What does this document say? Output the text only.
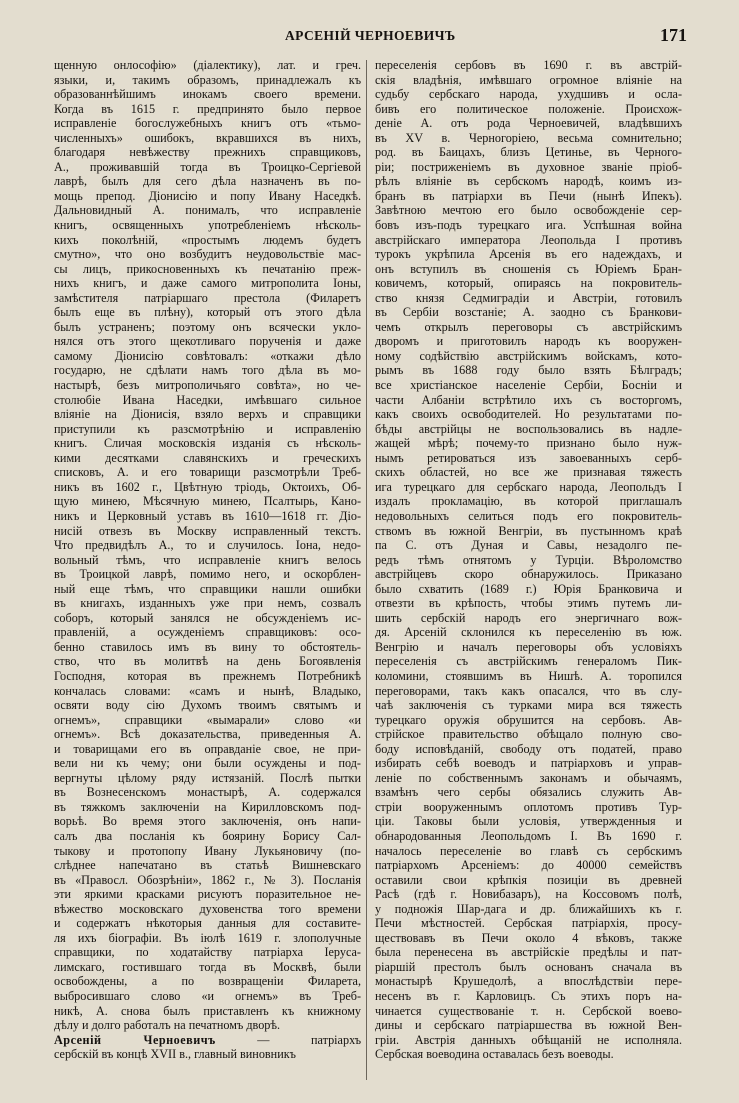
АРСЕНІЙ ЧЕРНОЕВИЧЪ	171
щенную онлософію» (діалектику), лат. и греч.
языки, и, такимъ образомъ, принадлежалъ къ
образованнѣйшимъ инокамъ своего времени.
Когда въ 1615 г. предпринято было первое
исправленіе богослужебныхъ книгъ отъ «тьмо-
численныхъ» ошибокъ, вкравшихся въ нихъ,
благодаря невѣжеству прежнихъ справщиковъ,
А., проживавшій тогда въ Троицко-Сергіевой
лаврѣ, былъ для сего дѣла назначенъ въ по-
мощь препод. Діонисію и попу Ивану Наседкѣ.
Дальновидный А. понималъ, что исправленіе
книгъ, освященныхъ употребленіемъ нѣсколь-
кихъ поколѣній, «простымъ людемъ будетъ
смутно», что оно возбудитъ неудовольствіе мас-
сы лицъ, прикосновенныхъ къ печатанію преж-
нихъ книгъ, и даже самого митрополита Іоны,
замѣстителя патріаршаго престола (Филаретъ
былъ еще въ плѣну), который отъ этого дѣла
былъ устраненъ; поэтому онъ всячески укло-
нялся отъ этого щекотливаго порученія и даже
самому Діонисію совѣтовалъ: «откажи дѣло
государю, не сдѣлати намъ того дѣла въ мо-
настырѣ, безъ митрополичьяго совѣта», но че-
столюбіе Ивана Наседки, имѣвшаго сильное
вліяніе на Діонисія, взяло верхъ и справщики
приступили къ разсмотрѣнію и исправленію
книгъ. Сличая московскія изданія съ нѣсколь-
кими десятками славянскихъ и греческихъ
списковъ, А. и его товарищи разсмотрѣли Треб-
никъ въ 1602 г., Цвѣтную тріодь, Октоихъ, Об-
щую минею, Мѣсячную минею, Псалтырь, Кано-
никъ и Церковный уставъ въ 1610—1618 гг. Діо-
нисій отвезъ въ Москву исправленный текстъ.
Что предвидѣлъ А., то и случилось. Іона, недо-
вольный тѣмъ, что исправленіе книгъ велось
въ Троицкой лаврѣ, помимо него, и оскорблен-
ный еще тѣмъ, что справщики нашли ошибки
въ книгахъ, изданныхъ уже при немъ, созвалъ
соборъ, который занялся не обсужденіемъ ис-
правленій, а осужденіемъ справщиковъ: осо-
бенно ставилось имъ въ вину то обстоятель-
ство, что въ молитвѣ на день Богоявленія
Господня, которая въ прежнемъ Потребникѣ
кончалась словами: «самъ и нынѣ, Владыко,
освяти воду сію Духомъ твоимъ святымъ и
огнемъ», справщики «вымарали» слово «и
огнемъ». Всѣ доказательства, приведенныя А.
и товарищами его въ оправданіе свое, не при-
вели ни къ чему; они были осуждены и под-
вергнуты цѣлому ряду истязаній. Послѣ пытки
въ Вознесенскомъ монастырѣ, А. содержался
въ тяжкомъ заключеніи на Кирилловскомъ под-
ворьѣ. Во время этого заключенія, онъ напи-
салъ два посланія къ боярину Борису Сал-
тыкову и протопопу Ивану Лукьяновичу (по-
слѣднее напечатано въ статьѣ Вишневскаго
въ «Правосл. Обозрѣніи», 1862 г., № 3). Посланія
эти яркими красками рисуютъ поразительное не-
вѣжество московскаго духовенства того времени
и содержатъ нѣкоторыя данныя для составите-
ля ихъ біографіи. Въ іюлѣ 1619 г. злополучные
справщики, по ходатайству патріарха Іеруса-
лимскаго, гостившаго тогда въ Москвѣ, были
освобождены, а по возвращеніи Филарета,
выбросившаго слово «и огнемъ» въ Треб-
никѣ, А. снова былъ приставленъ къ книжному
дѣлу и долго работалъ на печатномъ дворѣ.
Арсеній Черноевичъ — патріархъ
сербскій въ концѣ XVII в., главный виновникъ
переселенія сербовъ въ 1690 г. въ австрій-
скія владѣнія, имѣвшаго огромное вліяніе на
судьбу сербскаго народа, ухудшивъ и осла-
бивъ его политическое положеніе. Происхож-
деніе А. отъ рода Черноевичей, владѣвшихъ
въ XV в. Черногоріею, весьма сомнительно;
род. въ Баицахъ, близъ Цетинье, въ Черного-
ріи; постриженіемъ въ духовное званіе пріоб-
рѣлъ вліяніе въ сербскомъ народѣ, коимъ из-
бранъ въ патріархи въ Печи (нынѣ Ипекъ).
Завѣтною мечтою его было освобожденіе сер-
бовъ изъ-подъ турецкаго ига. Успѣшная война
австрійскаго императора Леопольда I противъ
турокъ укрѣпила Арсенія въ его надеждахъ, и
онъ вступилъ въ сношенія съ Юріемъ Бран-
ковичемъ, который, опираясь на покровитель-
ство князя Седмиградіи и Австріи, готовилъ
въ Сербіи возстаніе; А. заодно съ Бранкови-
чемъ открылъ переговоры съ австрійскимъ
дворомъ и приготовилъ народъ къ вооружен-
ному содѣйствію австрійскимъ войскамъ, кото-
рымъ въ 1688 году было взять Бѣлградъ;
все христіанское населеніе Сербіи, Босніи и
части Албаніи встрѣтило ихъ съ восторгомъ,
какъ своихъ освободителей. Но результатами по-
бѣды австрійцы не воспользовались въ надле-
жащей мѣрѣ; почему-то признано было нуж-
нымъ ретироваться изъ завоеванныхъ серб-
скихъ областей, но все же признавая тяжесть
ига турецкаго для сербскаго народа, Леопольдъ I
издалъ прокламацію, въ которой приглашалъ
недовольныхъ селиться подъ его покровитель-
ствомъ въ южной Венгріи, въ пустынномъ краѣ
па С. отъ Дуная и Савы, незадолго пе-
редъ тѣмъ отнятомъ у Турціи. Вѣроломство
австрійцевъ скоро обнаружилось. Приказано
было схватить (1689 г.) Юрія Бранковича и
отвезти въ крѣпость, чтобы этимъ путемъ ли-
шить сербскій народъ его энергичнаго вож-
дя. Арсеній склонился къ переселенію въ юж.
Венгрію и началъ переговоры объ условіяхъ
переселенія съ австрійскимъ генераломъ Пик-
коломини, стоявшимъ въ Нишѣ. А. торопился
переговорами, такъ какъ опасался, что въ слу-
чаѣ заключенія съ турками мира вся тяжесть
турецкаго оружія обрушится на сербовъ. Ав-
стрійское правительство обѣщало полную сво-
боду исповѣданій, свободу отъ податей, право
избирать себѣ воеводъ и патріарховъ и управ-
леніе по собственнымъ законамъ и обычаямъ,
взамѣнъ чего сербы обязались служить Ав-
стріи вооруженнымъ оплотомъ противъ Тур-
ціи. Таковы были условія, утвержденныя и
обнародованныя Леопольдомъ I. Въ 1690 г.
началось переселеніе во главѣ съ сербскимъ
патріархомъ Арсеніемъ: до 40000 семействъ
оставили свои крѣпкія позиціи въ древней
Расѣ (гдѣ г. Новибазаръ), на Коссовомъ полѣ,
у подножія Шар-дага и др. ближайшихъ къ г.
Печи мѣстностей. Сербская патріархія, просу-
ществовавъ въ Печи около 4 вѣковъ, также
была перенесена въ австрійскіе предѣлы и пат-
ріаршій престолъ былъ основанъ сначала въ
монастырѣ Крушедолѣ, а впослѣдствіи пере-
несенъ въ г. Карловицъ. Съ этихъ поръ на-
чинается существованіе т. н. Сербской воево-
дины и сербскаго патріаршества въ южной Вен-
гріи. Австрія данныхъ обѣщаній не исполняла.
Сербская воеводина оставалась безъ воеводы.
